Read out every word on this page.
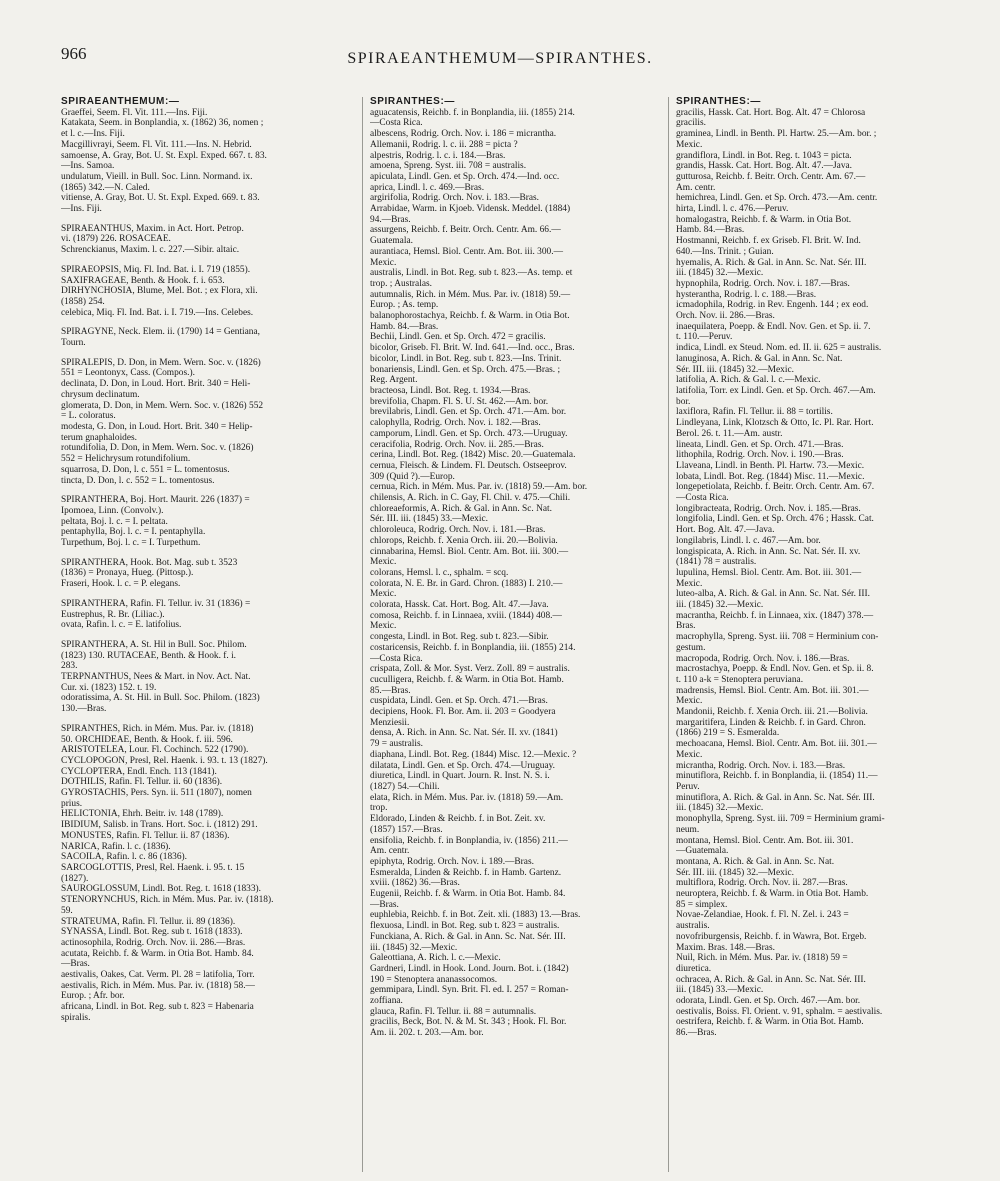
966	SPIRAEANTHEMUM—SPIRANTHES.
SPIRAEANTHEMUM:—
Graeffei, Seem. Fl. Vit. 111.—Ins. Fiji.
Katakata, Seem. in Bonplandia, x. (1862) 36, nomen ;
et l. c.—Ins. Fiji.
Macgillivrayi, Seem. Fl. Vit. 111.—Ins. N. Hebrid.
samoense, A. Gray, Bot. U. St. Expl. Exped. 667. t. 83.
—Ins. Samoa.
undulatum, Vieill. in Bull. Soc. Linn. Normand. ix.
(1865) 342.—N. Caled.
vitiense, A. Gray, Bot. U. St. Expl. Exped. 669. t. 83.
—Ins. Fiji.
SPIRAEANTHUS, Maxim. in Act. Hort. Petrop.
vi. (1879) 226. ROSACEAE.
Schrenckianus, Maxim. l. c. 227.—Sibir. altaic.
SPIRAEOPSIS, Miq. Fl. Ind. Bat. i. I. 719 (1855).
SAXIFRAGEAE, Benth. & Hook. f. i. 653.
DIRHYNCHOSIA, Blume, Mel. Bot. ; ex Flora, xli.
(1858) 254.
celebica, Miq. Fl. Ind. Bat. i. I. 719.—Ins. Celebes.
SPIRAGYNE, Neck. Elem. ii. (1790) 14 = Gentiana,
Tourn.
SPIRALEPIS, D. Don, in Mem. Wern. Soc. v. (1826)
551 = Leontonyx, Cass. (Compos.).
declinata, D. Don, in Loud. Hort. Brit. 340 = Heli-
chrysum declinatum.
glomerata, D. Don, in Mem. Wern. Soc. v. (1826) 552
= L. coloratus.
modesta, G. Don, in Loud. Hort. Brit. 340 = Helip-
terum gnaphaloides.
rotundifolia, D. Don, in Mem. Wern. Soc. v. (1826)
552 = Helichrysum rotundifolium.
squarrosa, D. Don, l. c. 551 = L. tomentosus.
tincta, D. Don, l. c. 552 = L. tomentosus.
SPIRANTHERA, Boj. Hort. Maurit. 226 (1837) =
Ipomoea, Linn. (Convolv.).
peltata, Boj. l. c. = I. peltata.
pentaphylla, Boj. l. c. = I. pentaphylla.
Turpethum, Boj. l. c. = I. Turpethum.
SPIRANTHERA, Hook. Bot. Mag. sub t. 3523
(1836) = Pronaya, Hueg. (Pittosp.).
Fraseri, Hook. l. c. = P. elegans.
SPIRANTHERA, Rafin. Fl. Tellur. iv. 31 (1836) =
Eustrephus, R. Br. (Liliac.).
ovata, Rafin. l. c. = E. latifolius.
SPIRANTHERA, A. St. Hil in Bull. Soc. Philom.
(1823) 130. RUTACEAE, Benth. & Hook. f. i.
283.
TERPNANTHUS, Nees & Mart. in Nov. Act. Nat.
Cur. xi. (1823) 152. t. 19.
odoratissima, A. St. Hil. in Bull. Soc. Philom. (1823)
130.—Bras.
SPIRANTHES, Rich. in Mém. Mus. Par. iv. (1818)
50. ORCHIDEAE, Benth. & Hook. f. iii. 596.
ARISTOTELEA, Lour. Fl. Cochinch. 522 (1790).
CYCLOPOGON, Presl, Rel. Haenk. i. 93. t. 13 (1827).
CYCLOPTERA, Endl. Ench. 113 (1841).
DOTHILIS, Rafin. Fl. Tellur. ii. 60 (1836).
GYROSTACHIS, Pers. Syn. ii. 511 (1807), nomen
prius.
HELICTONIA, Ehrh. Beitr. iv. 148 (1789).
IBIDIUM, Salisb. in Trans. Hort. Soc. i. (1812) 291.
MONUSTES, Rafin. Fl. Tellur. ii. 87 (1836).
NARICA, Rafin. l. c. (1836).
SACOILA, Rafin. l. c. 86 (1836).
SARCOGLOTTIS, Presl, Rel. Haenk. i. 95. t. 15
(1827).
SAUROGLOSSUM, Lindl. Bot. Reg. t. 1618 (1833).
STENORYNCHUS, Rich. in Mém. Mus. Par. iv. (1818).
59.
STRATEUMA, Rafin. Fl. Tellur. ii. 89 (1836).
SYNASSA, Lindl. Bot. Reg. sub t. 1618 (1833).
actinosophila, Rodrig. Orch. Nov. ii. 286.—Bras.
acutata, Reichb. f. & Warm. in Otia Bot. Hamb. 84.
—Bras.
aestivalis, Oakes, Cat. Verm. Pl. 28 = latifolia, Torr.
aestivalis, Rich. in Mém. Mus. Par. iv. (1818) 58.—
Europ. ; Afr. bor.
africana, Lindl. in Bot. Reg. sub t. 823 = Habenaria
spiralis.
SPIRANTHES:—
aguacatensis, Reichb. f. in Bonplandia, iii. (1855) 214.
—Costa Rica.
albescens, Rodrig. Orch. Nov. i. 186 = micrantha.
Allemanii, Rodrig. l. c. ii. 288 = picta ?
alpestris, Rodrig. l. c. i. 184.—Bras.
amoena, Spreng. Syst. iii. 708 = australis.
apiculata, Lindl. Gen. et Sp. Orch. 474.—Ind. occ.
aprica, Lindl. l. c. 469.—Bras.
argirifolia, Rodrig. Orch. Nov. i. 183.—Bras.
Arrabidae, Warm. in Kjoeb. Vidensk. Meddel. (1884)
94.—Bras.
assurgens, Reichb. f. Beitr. Orch. Centr. Am. 66.—
Guatemala.
aurantiaca, Hemsl. Biol. Centr. Am. Bot. iii. 300.—
Mexic.
australis, Lindl. in Bot. Reg. sub t. 823.—As. temp. et
trop. ; Australas.
autumnalis, Rich. in Mém. Mus. Par. iv. (1818) 59.—
Europ. ; As. temp.
balanophorostachya, Reichb. f. & Warm. in Otia Bot.
Hamb. 84.—Bras.
Bechii, Lindl. Gen. et Sp. Orch. 472 = gracilis.
bicolor, Griseb. Fl. Brit. W. Ind. 641.—Ind. occ., Bras.
bicolor, Lindl. in Bot. Reg. sub t. 823.—Ins. Trinit.
bonariensis, Lindl. Gen. et Sp. Orch. 475.—Bras. ;
Reg. Argent.
bracteosa, Lindl. Bot. Reg. t. 1934.—Bras.
brevifolia, Chapm. Fl. S. U. St. 462.—Am. bor.
brevilabris, Lindl. Gen. et Sp. Orch. 471.—Am. bor.
calophylla, Rodrig. Orch. Nov. i. 182.—Bras.
camporum, Lindl. Gen. et Sp. Orch. 473.—Uruguay.
ceracifolia, Rodrig. Orch. Nov. ii. 285.—Bras.
cerina, Lindl. Bot. Reg. (1842) Misc. 20.—Guatemala.
cernua, Fleisch. & Lindem. Fl. Deutsch. Ostseeprov.
309 (Quid ?).—Europ.
cernua, Rich. in Mém. Mus. Par. iv. (1818) 59.—Am. bor.
chilensis, A. Rich. in C. Gay, Fl. Chil. v. 475.—Chili.
chloreaeformis, A. Rich. & Gal. in Ann. Sc. Nat.
Sér. III. iii. (1845) 33.—Mexic.
chloroleuca, Rodrig. Orch. Nov. i. 181.—Bras.
chlorops, Reichb. f. Xenia Orch. iii. 20.—Bolivia.
cinnabarina, Hemsl. Biol. Centr. Am. Bot. iii. 300.—
Mexic.
colorans, Hemsl. l. c., sphalm. = scq.
colorata, N. E. Br. in Gard. Chron. (1883) I. 210.—
Mexic.
colorata, Hassk. Cat. Hort. Bog. Alt. 47.—Java.
comosa, Reichb. f. in Linnaea, xviii. (1844) 408.—
Mexic.
congesta, Lindl. in Bot. Reg. sub t. 823.—Sibir.
costaricensis, Reichb. f. in Bonplandia, iii. (1855) 214.
—Costa Rica.
crispata, Zoll. & Mor. Syst. Verz. Zoll. 89 = australis.
cuculligera, Reichb. f. & Warm. in Otia Bot. Hamb.
85.—Bras.
cuspidata, Lindl. Gen. et Sp. Orch. 471.—Bras.
decipiens, Hook. Fl. Bor. Am. ii. 203 = Goodyera
Menziesii.
densa, A. Rich. in Ann. Sc. Nat. Sér. II. xv. (1841)
79 = australis.
diaphana, Lindl. Bot. Reg. (1844) Misc. 12.—Mexic. ?
dilatata, Lindl. Gen. et Sp. Orch. 474.—Uruguay.
diuretica, Lindl. in Quart. Journ. R. Inst. N. S. i.
(1827) 54.—Chili.
elata, Rich. in Mém. Mus. Par. iv. (1818) 59.—Am.
trop.
Eldorado, Linden & Reichb. f. in Bot. Zeit. xv.
(1857) 157.—Bras.
ensifolia, Reichb. f. in Bonplandia, iv. (1856) 211.—
Am. centr.
epiphyta, Rodrig. Orch. Nov. i. 189.—Bras.
Esmeralda, Linden & Reichb. f. in Hamb. Gartenz.
xviii. (1862) 36.—Bras.
Eugenii, Reichb. f. & Warm. in Otia Bot. Hamb. 84.
—Bras.
euphlebia, Reichb. f. in Bot. Zeit. xli. (1883) 13.—Bras.
flexuosa, Lindl. in Bot. Reg. sub t. 823 = australis.
Funckiana, A. Rich. & Gal. in Ann. Sc. Nat. Sér. III.
iii. (1845) 32.—Mexic.
Galeottiana, A. Rich. l. c.—Mexic.
Gardneri, Lindl. in Hook. Lond. Journ. Bot. i. (1842)
190 = Stenoptera ananassocomos.
gemmipara, Lindl. Syn. Brit. Fl. ed. I. 257 = Roman-
zoffiana.
glauca, Rafin. Fl. Tellur. ii. 88 = autumnalis.
gracilis, Beck, Bot. N. & M. St. 343 ; Hook. Fl. Bor.
Am. ii. 202. t. 203.—Am. bor.
SPIRANTHES:—
gracilis, Hassk. Cat. Hort. Bog. Alt. 47 = Chlorosa
gracilis.
graminea, Lindl. in Benth. Pl. Hartw. 25.—Am. bor. ;
Mexic.
grandiflora, Lindl. in Bot. Reg. t. 1043 = picta.
grandis, Hassk. Cat. Hort. Bog. Alt. 47.—Java.
gutturosa, Reichb. f. Beitr. Orch. Centr. Am. 67.—
Am. centr.
hemichrea, Lindl. Gen. et Sp. Orch. 473.—Am. centr.
hirta, Lindl. l. c. 476.—Peruv.
homalogastra, Reichb. f. & Warm. in Otia Bot.
Hamb. 84.—Bras.
Hostmanni, Reichb. f. ex Griseb. Fl. Brit. W. Ind.
640.—Ins. Trinit. ; Guian.
hyemalis, A. Rich. & Gal. in Ann. Sc. Nat. Sér. III.
iii. (1845) 32.—Mexic.
hypnophila, Rodrig. Orch. Nov. i. 187.—Bras.
hysterantha, Rodrig. l. c. 188.—Bras.
icmadophila, Rodrig. in Rev. Engenh. 144 ; ex eod.
Orch. Nov. ii. 286.—Bras.
inaequilatera, Poepp. & Endl. Nov. Gen. et Sp. ii. 7.
t. 110.—Peruv.
indica, Lindl. ex Steud. Nom. ed. II. ii. 625 = australis.
lanuginosa, A. Rich. & Gal. in Ann. Sc. Nat.
Sér. III. iii. (1845) 32.—Mexic.
latifolia, A. Rich. & Gal. l. c.—Mexic.
latifolia, Torr. ex Lindl. Gen. et Sp. Orch. 467.—Am.
bor.
laxiflora, Rafin. Fl. Tellur. ii. 88 = tortilis.
Lindleyana, Link, Klotzsch & Otto, Ic. Pl. Rar. Hort.
Berol. 26. t. 11.—Am. austr.
lineata, Lindl. Gen. et Sp. Orch. 471.—Bras.
lithophila, Rodrig. Orch. Nov. i. 190.—Bras.
Llaveana, Lindl. in Benth. Pl. Hartw. 73.—Mexic.
lobata, Lindl. Bot. Reg. (1844) Misc. 11.—Mexic.
longepetiolata, Reichb. f. Beitr. Orch. Centr. Am. 67.
—Costa Rica.
longibracteata, Rodrig. Orch. Nov. i. 185.—Bras.
longifolia, Lindl. Gen. et Sp. Orch. 476 ; Hassk. Cat.
Hort. Bog. Alt. 47.—Java.
longilabris, Lindl. l. c. 467.—Am. bor.
longispicata, A. Rich. in Ann. Sc. Nat. Sér. II. xv.
(1841) 78 = australis.
lupulina, Hemsl. Biol. Centr. Am. Bot. iii. 301.—
Mexic.
luteo-alba, A. Rich. & Gal. in Ann. Sc. Nat. Sér. III.
iii. (1845) 32.—Mexic.
macrantha, Reichb. f. in Linnaea, xix. (1847) 378.—
Bras.
macrophylla, Spreng. Syst. iii. 708 = Herminium con-
gestum.
macropoda, Rodrig. Orch. Nov. i. 186.—Bras.
macrostachya, Poepp. & Endl. Nov. Gen. et Sp. ii. 8.
t. 110 a-k = Stenoptera peruviana.
madrensis, Hemsl. Biol. Centr. Am. Bot. iii. 301.—
Mexic.
Mandonii, Reichb. f. Xenia Orch. iii. 21.—Bolivia.
margaritifera, Linden & Reichb. f. in Gard. Chron.
(1866) 219 = S. Esmeralda.
mechoacana, Hemsl. Biol. Centr. Am. Bot. iii. 301.—
Mexic.
micrantha, Rodrig. Orch. Nov. i. 183.—Bras.
minutiflora, Reichb. f. in Bonplandia, ii. (1854) 11.—
Peruv.
minutiflora, A. Rich. & Gal. in Ann. Sc. Nat. Sér. III.
iii. (1845) 32.—Mexic.
monophylla, Spreng. Syst. iii. 709 = Herminium grami-
neum.
montana, Hemsl. Biol. Centr. Am. Bot. iii. 301.
—Guatemala.
montana, A. Rich. & Gal. in Ann. Sc. Nat.
Sér. III. iii. (1845) 32.—Mexic.
multiflora, Rodrig. Orch. Nov. ii. 287.—Bras.
neuroptera, Reichb. f. & Warm. in Otia Bot. Hamb.
85 = simplex.
Novae-Zelandiae, Hook. f. Fl. N. Zel. i. 243 =
australis.
novofriburgensis, Reichb. f. in Wawra, Bot. Ergeb.
Maxim. Bras. 148.—Bras.
Nuil, Rich. in Mém. Mus. Par. iv. (1818) 59 =
diuretica.
ochracea, A. Rich. & Gal. in Ann. Sc. Nat. Sér. III.
iii. (1845) 33.—Mexic.
odorata, Lindl. Gen. et Sp. Orch. 467.—Am. bor.
oestivalis, Boiss. Fl. Orient. v. 91, sphalm. = aestivalis.
oestrifera, Reichb. f. & Warm. in Otia Bot. Hamb.
86.—Bras.
